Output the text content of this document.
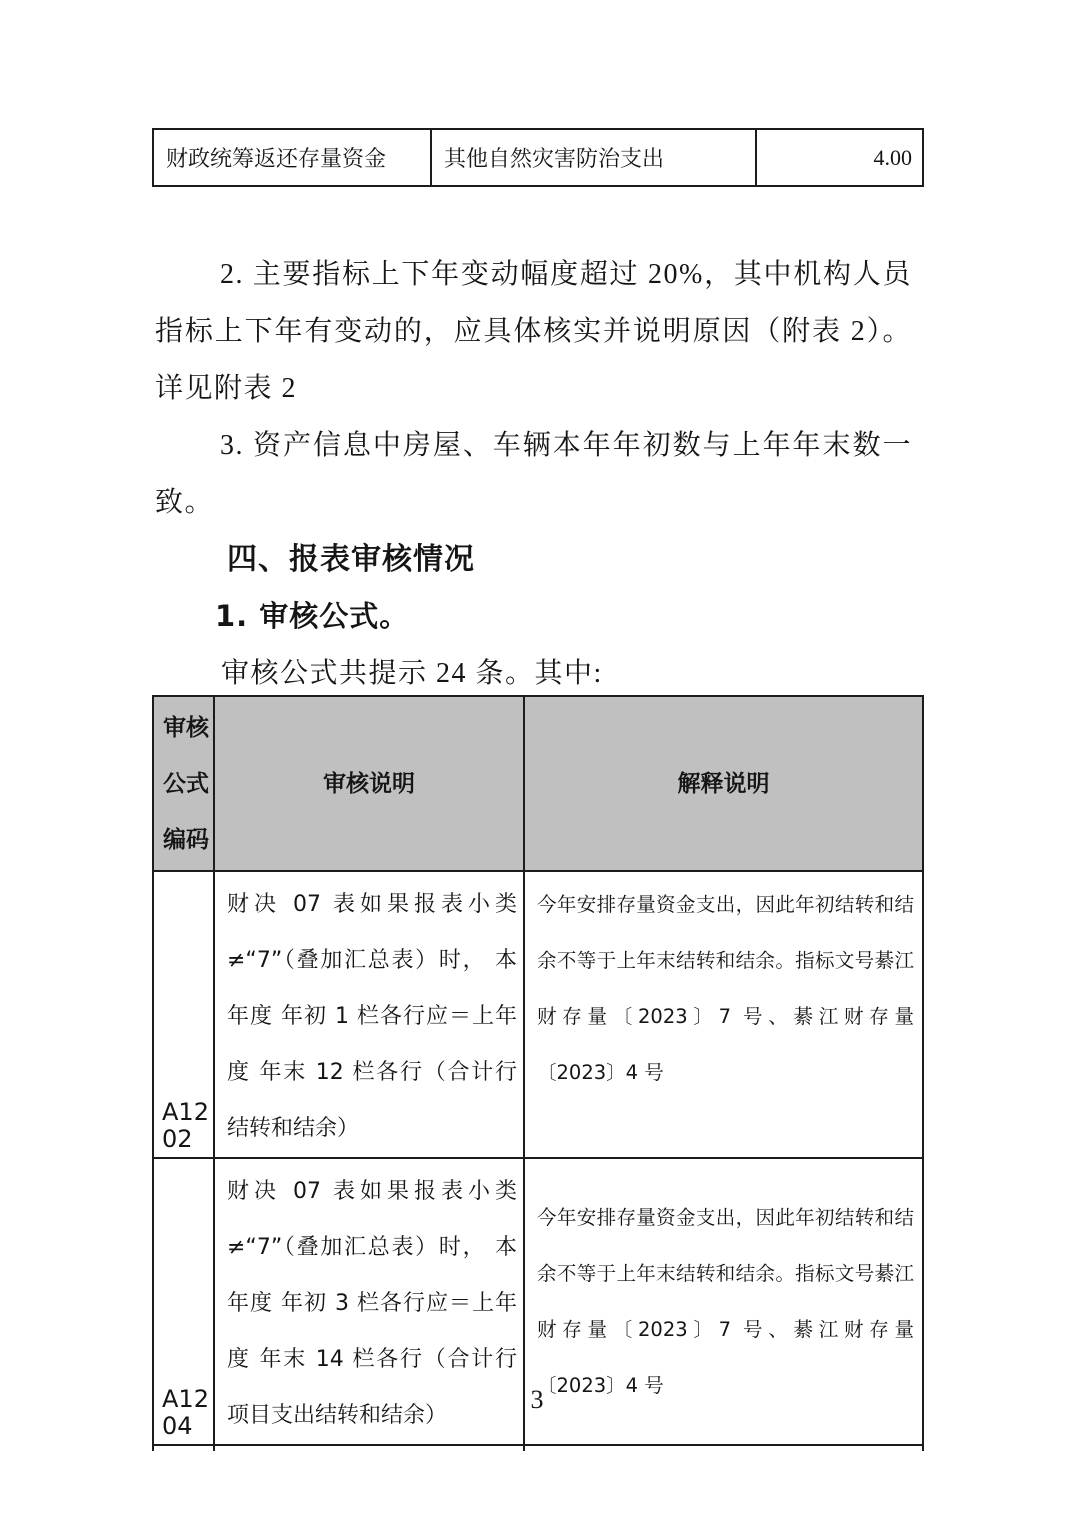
财政统筹返还存量资金	其他自然灾害防治支出	4.00

2. 主要指标上下年变动幅度超过 20%，其中机构人员指标上下年有变动的，应具体核实并说明原因（附表 2）。详见附表 2

3. 资产信息中房屋、车辆本年年初数与上年年末数一致。

四、报表审核情况
1. 审核公式。

审核公式共提示 24 条。其中:

审核公式编码	审核说明	解释说明
A1202	财决 07 表如果报表小类≠“7”（叠加汇总表）时， 本年度 年初 1 栏各行应＝上年度 年末 12 栏各行（合计行结转和结余）	今年安排存量资金支出，因此年初结转和结余不等于上年末结转和结余。指标文号綦江财存量〔2023〕7 号、綦江财存量〔2023〕4 号
A1204	财决 07 表如果报表小类≠“7”（叠加汇总表）时， 本年度 年初 3 栏各行应＝上年度 年末 14 栏各行（合计行项目支出结转和结余）	今年安排存量资金支出，因此年初结转和结余不等于上年末结转和结余。指标文号綦江财存量〔2023〕7 号、綦江财存量〔2023〕4 号

3
